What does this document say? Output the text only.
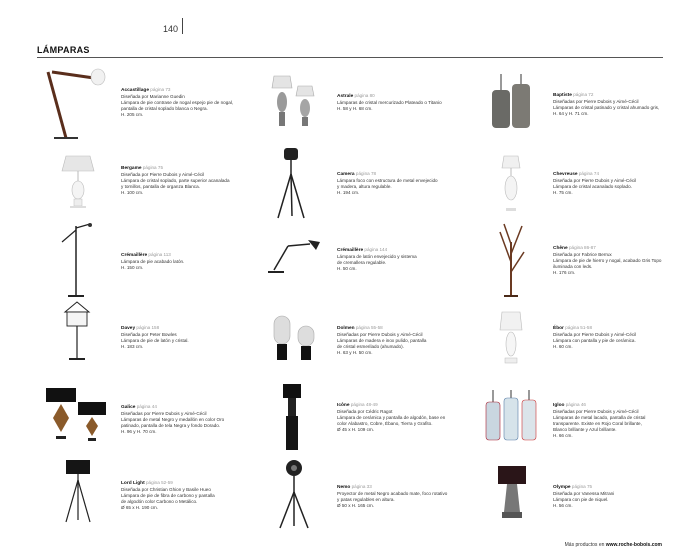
140
LÁMPARAS
Accastillage página 73
Diseñada por Marianne Guedin
Lámpara de pie contrase de nogal espejo pie de nogal,
pantalla de cristal soplado blanca o Negra.
H. 205 cm.
Bergame página 75
Diseñada por Pierre Dubois y Aimé-Cécil
Lámpara de cristal soplado, parte superior acanalada
y tornillos, pantalla de organza Blanca.
H. 100 cm.
Crémaillère página 113
Lámpara de pie acabado latón.
H. 150 cm.
Davey página 158
Diseñada por Peter Bowles
Lámpara de pie de latón y cristal.
H. 183 cm.
Galice página 44
Diseñadas por Pierre Dubois y Aimé-Cécil
Lámparas de metal Negro y medallón en color Oro
patinado, pantalla de tela Negra y fondo Dorado.
H. 96 y H. 70 cm.
Lord Light página 52-59
Diseñada por Christian Ghion y Basile Hueo
Lámpara de pie de fibra de carbono y pantalla
de algodón color Carbono o Metálico.
Ø 65 x H. 190 cm.
Astrale página 80
Lámparas de cristal mercurizado Plateado o Titanio
H. 58 y H. 68 cm.
Camera página 78
Lámpara foco con estructura de metal envejecido
y madera, altura regulable.
H. 194 cm.
Crémaillère página 144
Lámpara de latón envejecido y sistema
de cremallera regulable.
H. 50 cm.
Dolmen página 55-58
Diseñadas por Pierre Dubois y Aimé-Cécil
Lámparas de madera e inox pulido, pantalla
de cristal esmerilado (ahumado).
H. 63 y H. 50 cm.
Icône página 48-49
Diseñada por Cédric Ragot
Lámpara de cerámica y pantalla de algodón, base en
color Alabastro, Cobre, Ébano, Tierra y Grafito.
Ø 45 x H. 109 cm.
Nemo página 33
Proyector de metal Negro acabado mate, foco rotativo
y patas regulables en altura.
Ø 50 x H. 165 cm.
Baptiste página 72
Diseñadas por Pierre Dubois y Aimé-Cécil
Lámparas de cristal patinado y cristal ahumado gris,
H. 64 y H. 71 cm.
Chevreuse página 74
Diseñada por Pierre Dubois y Aimé-Cécil
Lámpara de cristal acanalado soplado.
H. 75 cm.
Chêne página 86-87
Diseñada por Fabrice Berrux
Lámpara de pie de hierro y nogal, acabado Gris Topo
iluminada con leds.
H. 176 cm.
Ébor página 51-58
Diseñada por Pierre Dubois y Aimé-Cécil
Lámpara con pantalla y pie de cerámica.
H. 60 cm.
Igloo página 46
Diseñadas por Pierre Dubois y Aimé-Cécil
Lámparas de metal lacado, pantalla de cristal
transparente. Existe en Rojo Coral brillante,
Blanco brillante y Azul brillante.
H. 66 cm.
Olympe página 75
Diseñada por Vanessa Mitrani
Lámpara con pie de niquel.
H. 56 cm.
Más productos en www.roche-bobois.com
